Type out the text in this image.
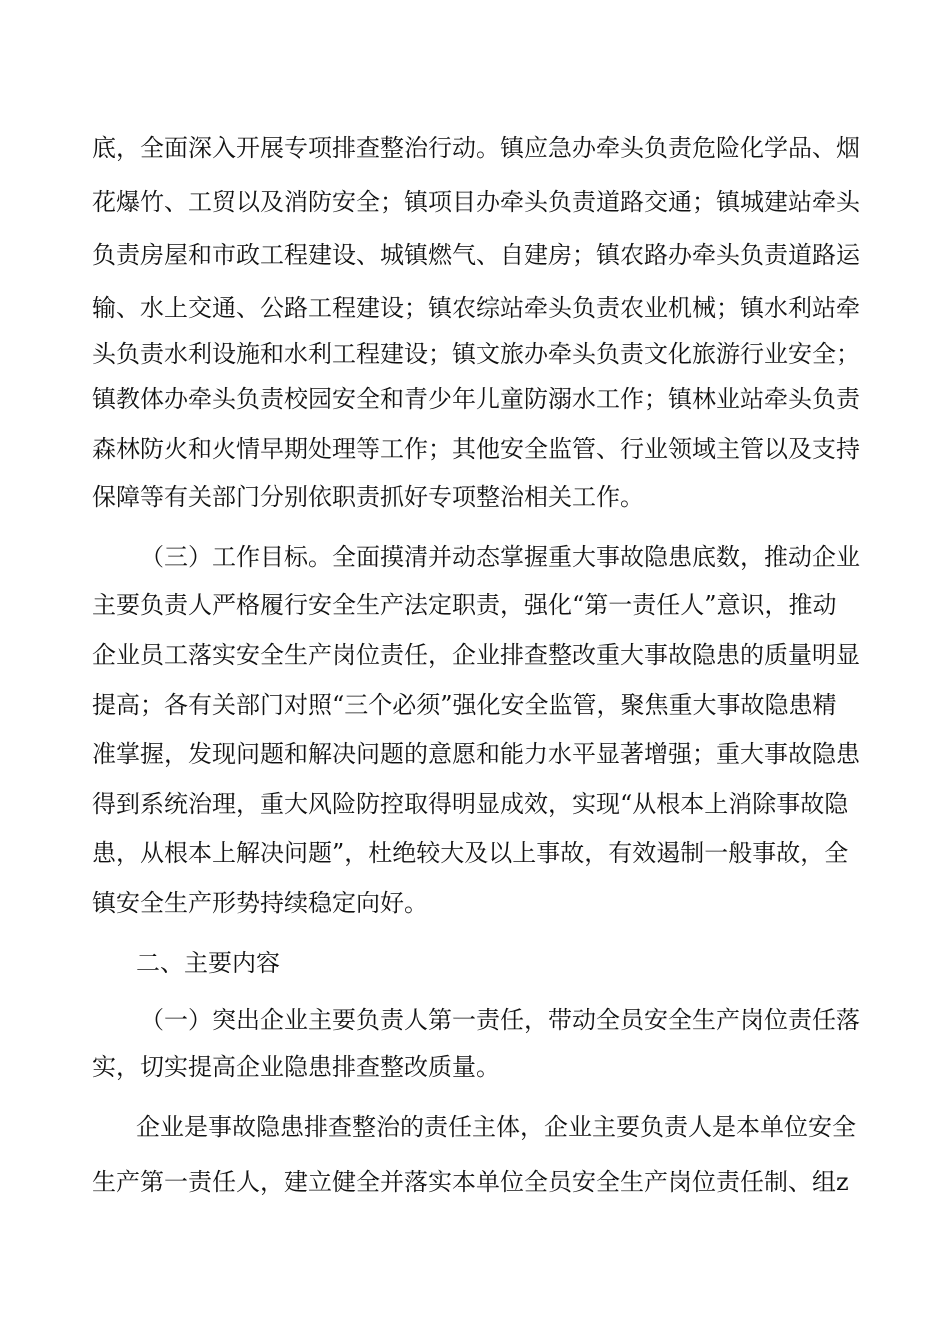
底，全面深入开展专项排查整治行动。镇应急办牵头负责危险化学品、烟
花爆竹、工贸以及消防安全；镇项目办牵头负责道路交通；镇城建站牵头
负责房屋和市政工程建设、城镇燃气、自建房；镇农路办牵头负责道路运
输、水上交通、公路工程建设；镇农综站牵头负责农业机械；镇水利站牵
头负责水利设施和水利工程建设；镇文旅办牵头负责文化旅游行业安全；
镇教体办牵头负责校园安全和青少年儿童防溺水工作；镇林业站牵头负责
森林防火和火情早期处理等工作；其他安全监管、行业领域主管以及支持
保障等有关部门分别依职责抓好专项整治相关工作。
（三）工作目标。全面摸清并动态掌握重大事故隐患底数，推动企业
主要负责人严格履行安全生产法定职责，强化“第一责任人”意识，推动
企业员工落实安全生产岗位责任，企业排查整改重大事故隐患的质量明显
提高；各有关部门对照“三个必须”强化安全监管，聚焦重大事故隐患精
准掌握，发现问题和解决问题的意愿和能力水平显著增强；重大事故隐患
得到系统治理，重大风险防控取得明显成效，实现“从根本上消除事故隐
患，从根本上解决问题”，杜绝较大及以上事故，有效遏制一般事故，全
镇安全生产形势持续稳定向好。
二、主要内容
（一）突出企业主要负责人第一责任，带动全员安全生产岗位责任落
实，切实提高企业隐患排查整改质量。
企业是事故隐患排查整治的责任主体，企业主要负责人是本单位安全
生产第一责任人，建立健全并落实本单位全员安全生产岗位责任制、组z
